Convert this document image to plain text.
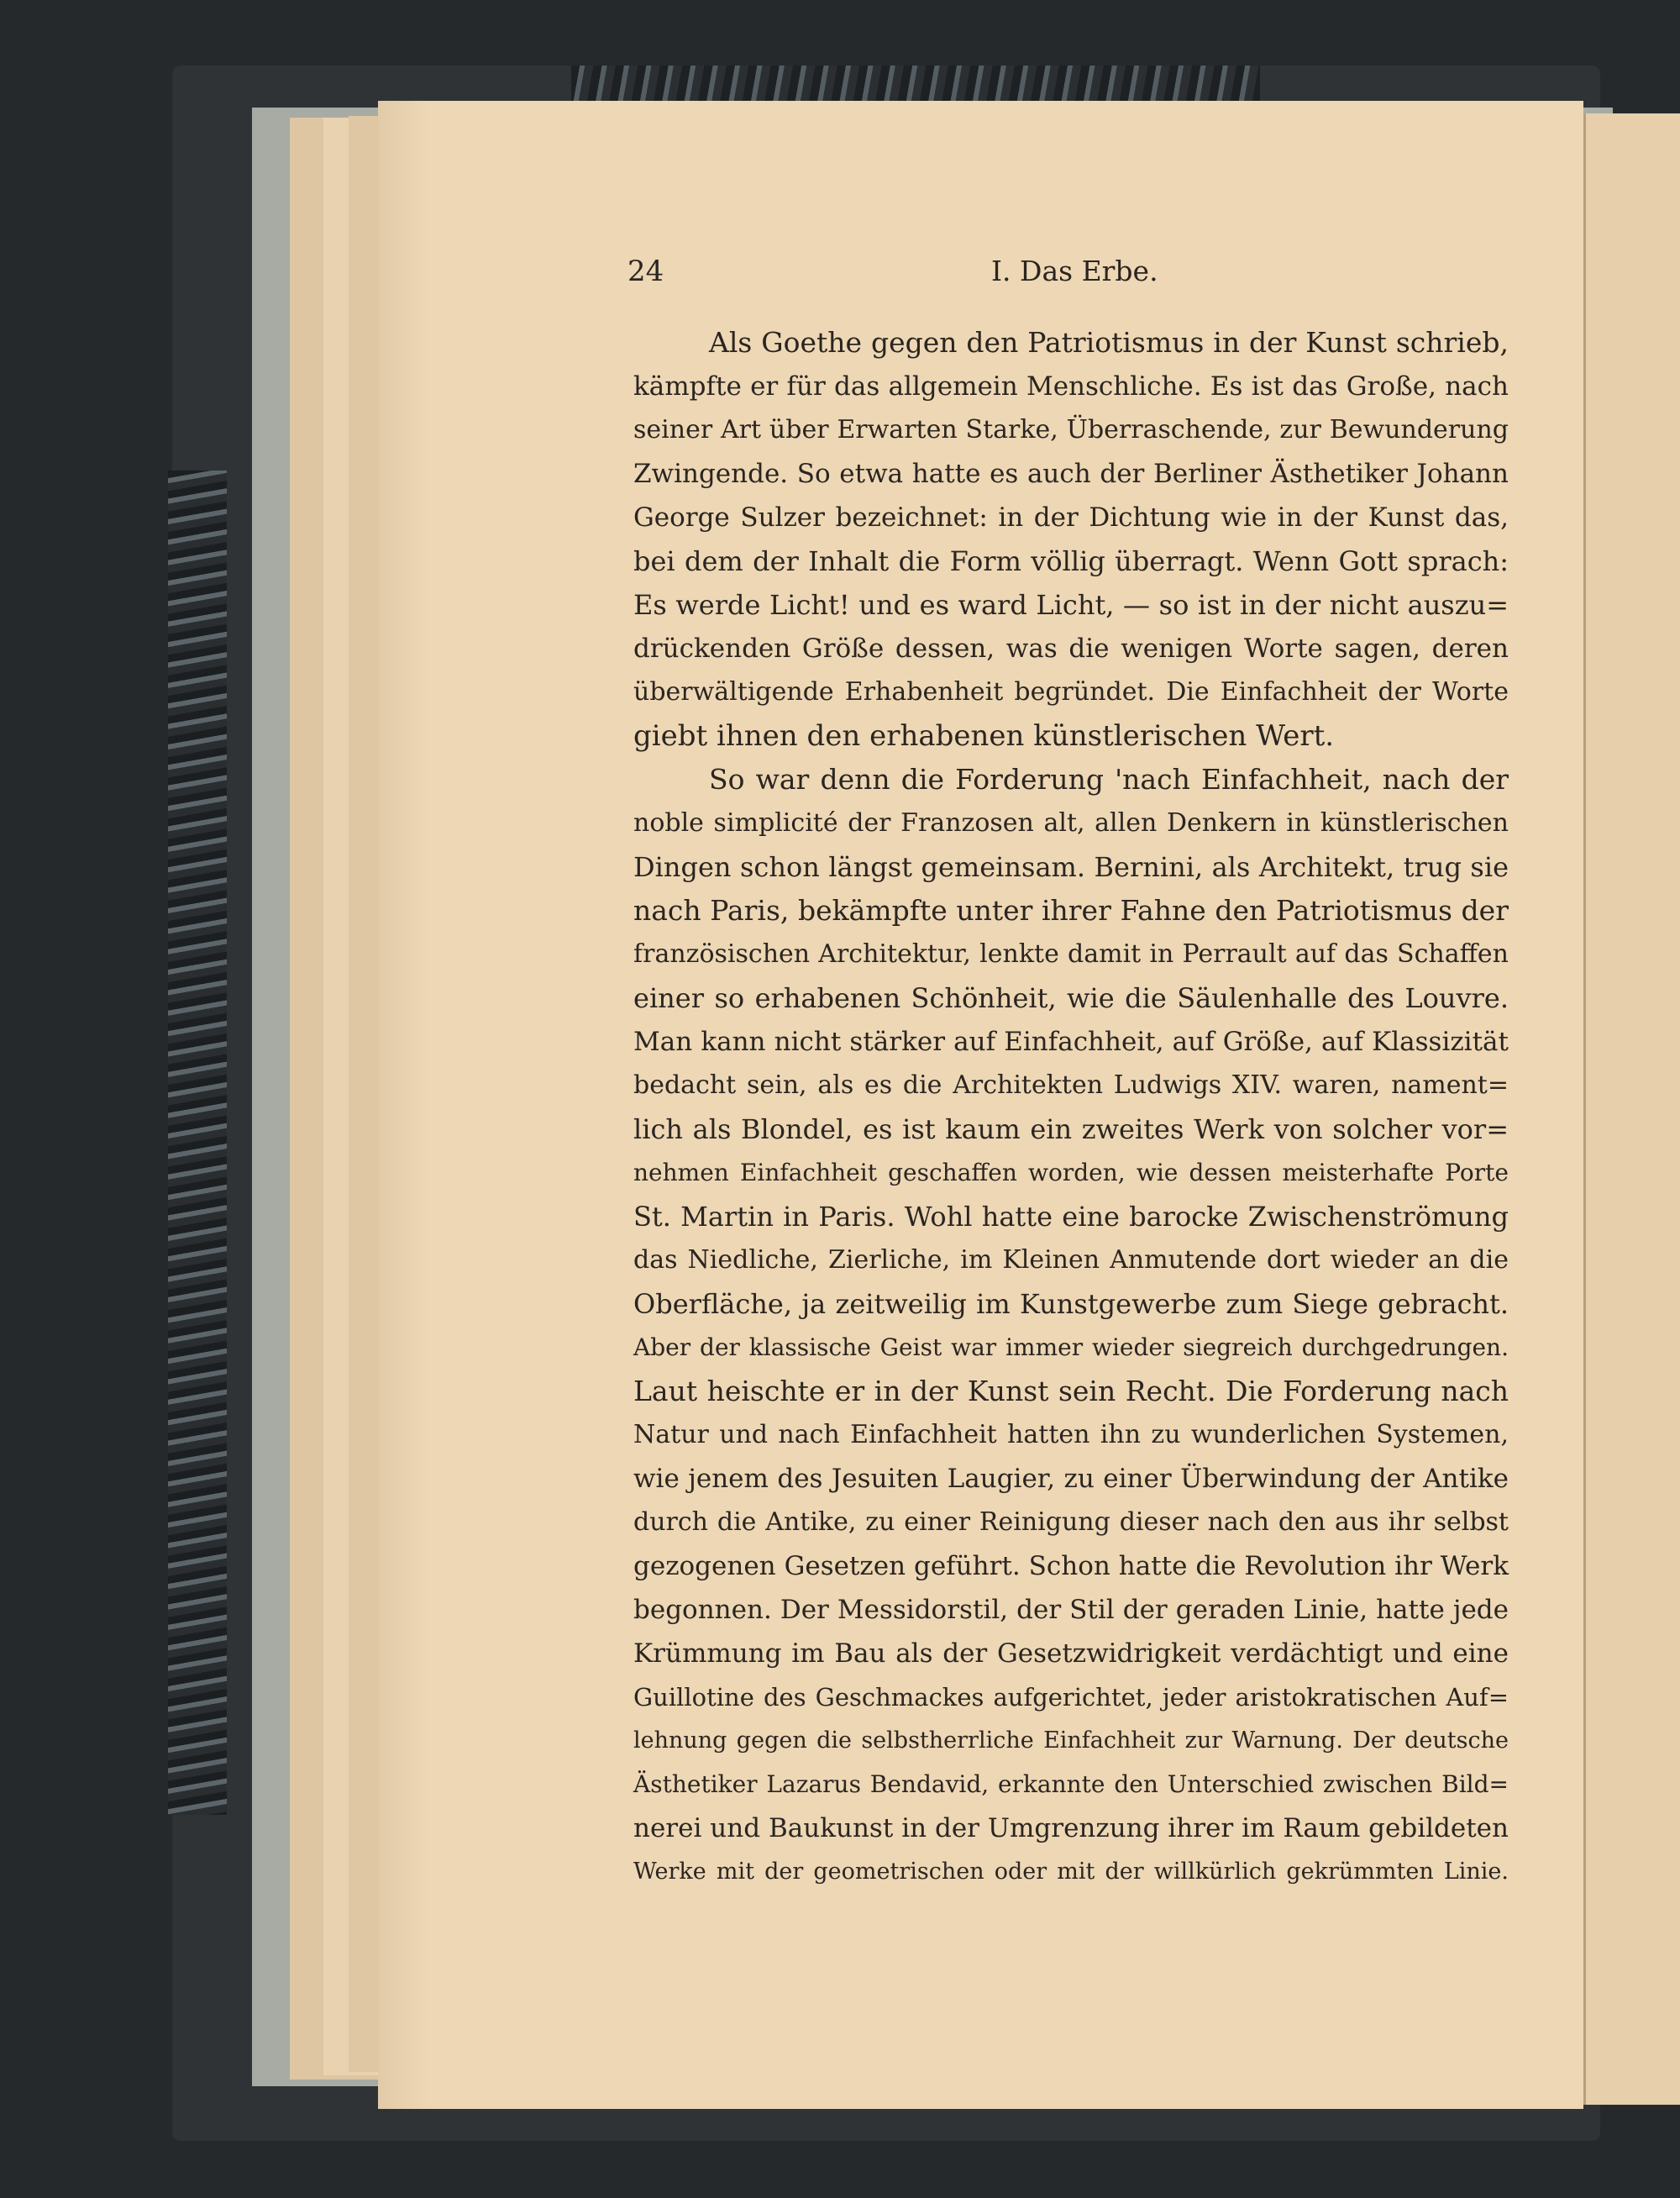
24	I. Das Erbe.
Als Goethe gegen den Patriotismus in der Kunst schrieb,
kämpfte er für das allgemein Menschliche. Es ist das Große, nach
seiner Art über Erwarten Starke, Überraschende, zur Bewunderung
Zwingende. So etwa hatte es auch der Berliner Ästhetiker Johann
George Sulzer bezeichnet: in der Dichtung wie in der Kunst das,
bei dem der Inhalt die Form völlig überragt. Wenn Gott sprach:
Es werde Licht! und es ward Licht, — so ist in der nicht auszu=
drückenden Größe dessen, was die wenigen Worte sagen, deren
überwältigende Erhabenheit begründet. Die Einfachheit der Worte
giebt ihnen den erhabenen künstlerischen Wert.
So war denn die Forderung 'nach Einfachheit, nach der
noble simplicité der Franzosen alt, allen Denkern in künstlerischen
Dingen schon längst gemeinsam. Bernini, als Architekt, trug sie
nach Paris, bekämpfte unter ihrer Fahne den Patriotismus der
französischen Architektur, lenkte damit in Perrault auf das Schaffen
einer so erhabenen Schönheit, wie die Säulenhalle des Louvre.
Man kann nicht stärker auf Einfachheit, auf Größe, auf Klassizität
bedacht sein, als es die Architekten Ludwigs XIV. waren, nament=
lich als Blondel, es ist kaum ein zweites Werk von solcher vor=
nehmen Einfachheit geschaffen worden, wie dessen meisterhafte Porte
St. Martin in Paris. Wohl hatte eine barocke Zwischenströmung
das Niedliche, Zierliche, im Kleinen Anmutende dort wieder an die
Oberfläche, ja zeitweilig im Kunstgewerbe zum Siege gebracht.
Aber der klassische Geist war immer wieder siegreich durchgedrungen.
Laut heischte er in der Kunst sein Recht. Die Forderung nach
Natur und nach Einfachheit hatten ihn zu wunderlichen Systemen,
wie jenem des Jesuiten Laugier, zu einer Überwindung der Antike
durch die Antike, zu einer Reinigung dieser nach den aus ihr selbst
gezogenen Gesetzen geführt. Schon hatte die Revolution ihr Werk
begonnen. Der Messidorstil, der Stil der geraden Linie, hatte jede
Krümmung im Bau als der Gesetzwidrigkeit verdächtigt und eine
Guillotine des Geschmackes aufgerichtet, jeder aristokratischen Auf=
lehnung gegen die selbstherrliche Einfachheit zur Warnung. Der deutsche
Ästhetiker Lazarus Bendavid, erkannte den Unterschied zwischen Bild=
nerei und Baukunst in der Umgrenzung ihrer im Raum gebildeten
Werke mit der geometrischen oder mit der willkürlich gekrümmten Linie.
